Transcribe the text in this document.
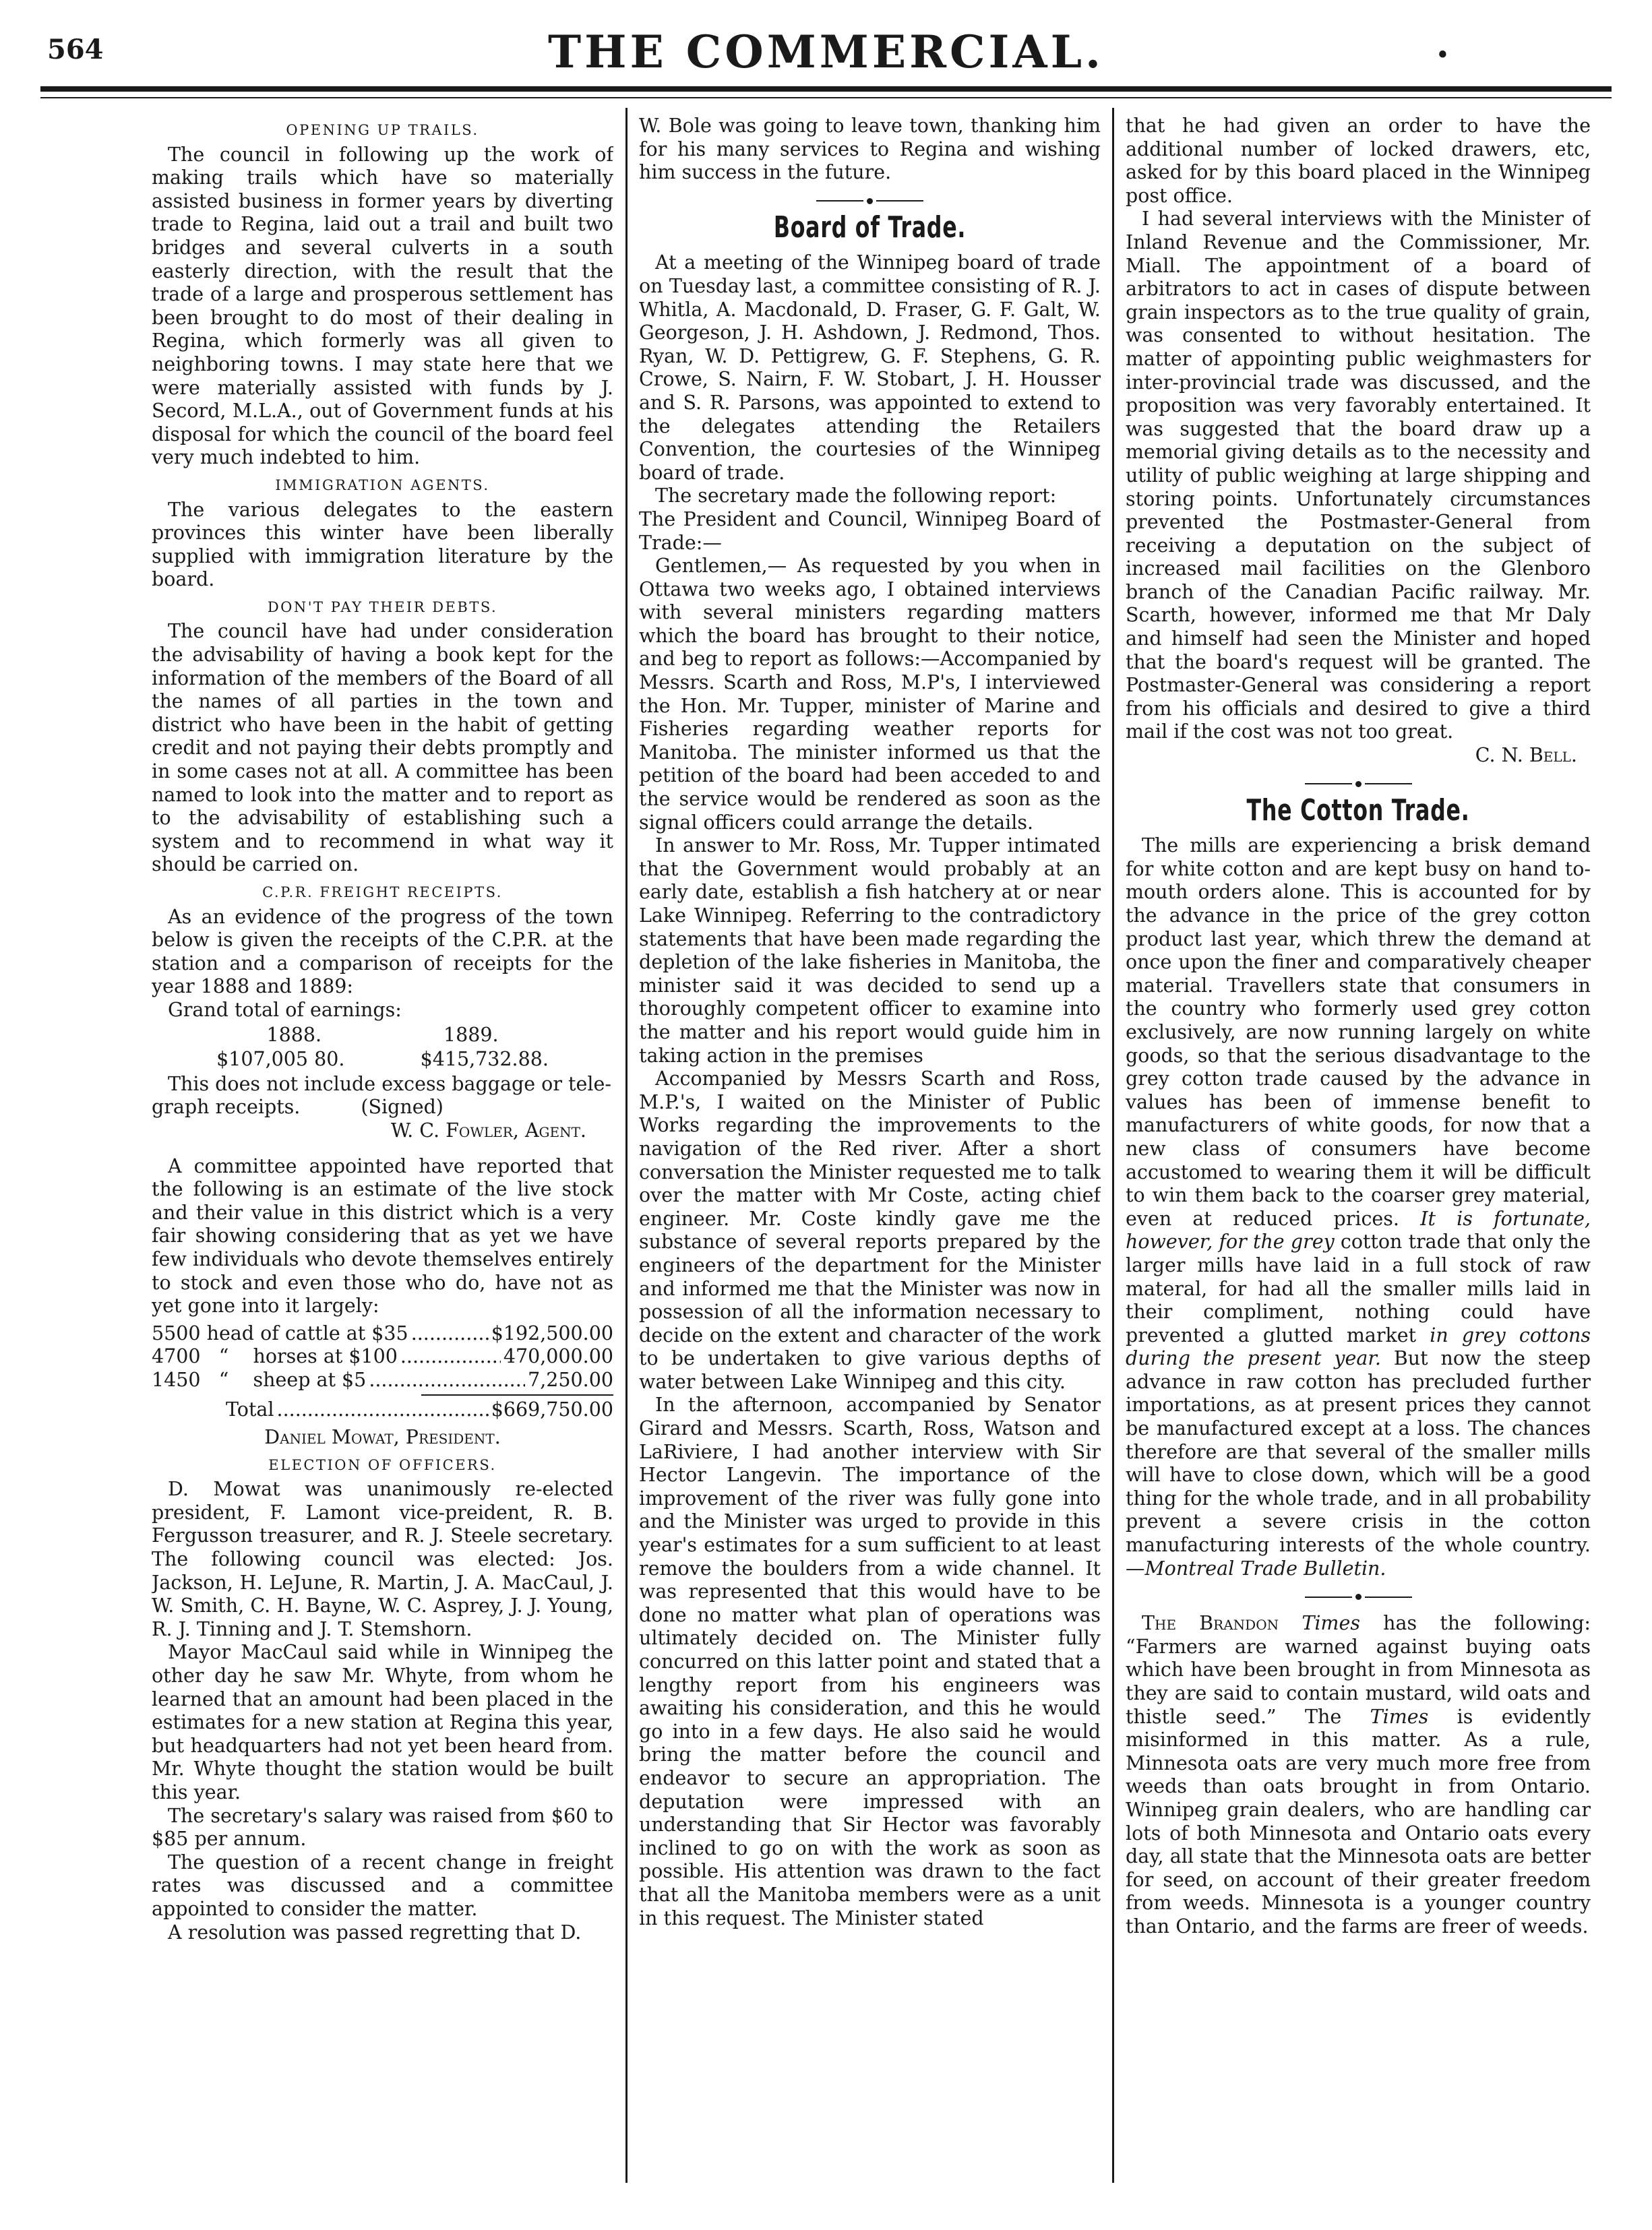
564	THE COMMERCIAL.	•
OPENING UP TRAILS.

The council in following up the work of making trails which have so materially assisted business in former years by diverting trade to Regina, laid out a trail and built two bridges and several culverts in a south easterly direction, with the result that the trade of a large and prosperous settlement has been brought to do most of their dealing in Regina, which formerly was all given to neighboring towns. I may state here that we were materially assisted with funds by J. Secord, M.L.A., out of Government funds at his disposal for which the council of the board feel very much indebted to him.

IMMIGRATION AGENTS.

The various delegates to the eastern provinces this winter have been liberally supplied with immigration literature by the board.

DON'T PAY THEIR DEBTS.

The council have had under consideration the advisability of having a book kept for the information of the members of the Board of all the names of all parties in the town and district who have been in the habit of getting credit and not paying their debts promptly and in some cases not at all. A committee has been named to look into the matter and to report as to the advisability of establishing such a system and to recommend in what way it should be carried on.

C.P.R. FREIGHT RECEIPTS.

As an evidence of the progress of the town below is given the receipts of the C.P.R. at the station and a comparison of receipts for the year 1888 and 1889:

Grand total of earnings:

1888.	1889.
$107,005 80.	$415,732.88.

This does not include excess baggage or tele-

graph receipts.	(Signed)
W. C. Fowler, Agent.

A committee appointed have reported that the following is an estimate of the live stock and their value in this district which is a very fair showing considering that as yet we have few individuals who devote themselves entirely to stock and even those who do, have not as yet gone into it largely:

5500 head of cattle at $35 .....	$192,500.00
4700   “    horses at $100 .....	470,000.00
1450   “    sheep at $5 .....	7,250.00
Total .....	$669,750.00
Daniel Mowat, President.
ELECTION OF OFFICERS.

D. Mowat was unanimously re-elected president, F. Lamont vice-preident, R. B. Fergusson treasurer, and R. J. Steele secretary. The following council was elected: Jos. Jackson, H. LeJune, R. Martin, J. A. MacCaul, J. W. Smith, C. H. Bayne, W. C. Asprey, J. J. Young, R. J. Tinning and J. T. Stemshorn.

Mayor MacCaul said while in Winnipeg the other day he saw Mr. Whyte, from whom he learned that an amount had been placed in the estimates for a new station at Regina this year, but headquarters had not yet been heard from. Mr. Whyte thought the station would be built this year.

The secretary's salary was raised from $60 to $85 per annum.

The question of a recent change in freight rates was discussed and a committee appointed to consider the matter.

A resolution was passed regretting that D.

W. Bole was going to leave town, thanking him for his many services to Regina and wishing him success in the future.

Board of Trade.

At a meeting of the Winnipeg board of trade on Tuesday last, a committee consisting of R. J. Whitla, A. Macdonald, D. Fraser, G. F. Galt, W. Georgeson, J. H. Ashdown, J. Redmond, Thos. Ryan, W. D. Pettigrew, G. F. Stephens, G. R. Crowe, S. Nairn, F. W. Stobart, J. H. Housser and S. R. Parsons, was appointed to extend to the delegates attending the Retailers Convention, the courtesies of the Winnipeg board of trade.

The secretary made the following report:

The President and Council, Winnipeg Board of Trade:—

Gentlemen,— As requested by you when in Ottawa two weeks ago, I obtained interviews with several ministers regarding matters which the board has brought to their notice, and beg to report as follows:—Accompanied by Messrs. Scarth and Ross, M.P's, I interviewed the Hon. Mr. Tupper, minister of Marine and Fisheries regarding weather reports for Manitoba. The minister informed us that the petition of the board had been acceded to and the service would be rendered as soon as the signal officers could arrange the details.

In answer to Mr. Ross, Mr. Tupper intimated that the Government would probably at an early date, establish a fish hatchery at or near Lake Winnipeg. Referring to the contradictory statements that have been made regarding the depletion of the lake fisheries in Manitoba, the minister said it was decided to send up a thoroughly competent officer to examine into the matter and his report would guide him in taking action in the premises

Accompanied by Messrs Scarth and Ross, M.P.'s, I waited on the Minister of Public Works regarding the improvements to the navigation of the Red river. After a short conversation the Minister requested me to talk over the matter with Mr Coste, acting chief engineer. Mr. Coste kindly gave me the substance of several reports prepared by the engineers of the department for the Minister and informed me that the Minister was now in possession of all the information necessary to decide on the extent and character of the work to be undertaken to give various depths of water between Lake Winnipeg and this city.

In the afternoon, accompanied by Senator Girard and Messrs. Scarth, Ross, Watson and LaRiviere, I had another interview with Sir Hector Langevin. The importance of the improvement of the river was fully gone into and the Minister was urged to provide in this year's estimates for a sum sufficient to at least remove the boulders from a wide channel. It was represented that this would have to be done no matter what plan of operations was ultimately decided on. The Minister fully concurred on this latter point and stated that a lengthy report from his engineers was awaiting his consideration, and this he would go into in a few days. He also said he would bring the matter before the council and endeavor to secure an appropriation. The deputation were impressed with an understanding that Sir Hector was favorably inclined to go on with the work as soon as possible. His attention was drawn to the fact that all the Manitoba members were as a unit in this request. The Minister stated

that he had given an order to have the additional number of locked drawers, etc, asked for by this board placed in the Winnipeg post office.

I had several interviews with the Minister of Inland Revenue and the Commissioner, Mr. Miall. The appointment of a board of arbitrators to act in cases of dispute between grain inspectors as to the true quality of grain, was consented to without hesitation. The matter of appointing public weighmasters for inter-provincial trade was discussed, and the proposition was very favorably entertained. It was suggested that the board draw up a memorial giving details as to the necessity and utility of public weighing at large shipping and storing points. Unfortunately circumstances prevented the Postmaster-General from receiving a deputation on the subject of increased mail facilities on the Glenboro branch of the Canadian Pacific railway. Mr. Scarth, however, informed me that Mr Daly and himself had seen the Minister and hoped that the board's request will be granted. The Postmaster-General was considering a report from his officials and desired to give a third mail if the cost was not too great.

C. N. Bell.
The Cotton Trade.

The mills are experiencing a brisk demand for white cotton and are kept busy on hand to-mouth orders alone. This is accounted for by the advance in the price of the grey cotton product last year, which threw the demand at once upon the finer and comparatively cheaper material. Travellers state that consumers in the country who formerly used grey cotton exclusively, are now running largely on white goods, so that the serious disadvantage to the grey cotton trade caused by the advance in values has been of immense benefit to manufacturers of white goods, for now that a new class of consumers have become accustomed to wearing them it will be difficult to win them back to the coarser grey material, even at reduced prices. It is fortunate, however, for the grey cotton trade that only the larger mills have laid in a full stock of raw materal, for had all the smaller mills laid in their compliment, nothing could have prevented a glutted market in grey cottons during the present year. But now the steep advance in raw cotton has precluded further importations, as at present prices they cannot be manufactured except at a loss. The chances therefore are that several of the smaller mills will have to close down, which will be a good thing for the whole trade, and in all probability prevent a severe crisis in the cotton manufacturing interests of the whole country.—Montreal Trade Bulletin.

The Brandon Times has the following: “Farmers are warned against buying oats which have been brought in from Minnesota as they are said to contain mustard, wild oats and thistle seed.” The Times is evidently misinformed in this matter. As a rule, Minnesota oats are very much more free from weeds than oats brought in from Ontario. Winnipeg grain dealers, who are handling car lots of both Minnesota and Ontario oats every day, all state that the Minnesota oats are better for seed, on account of their greater freedom from weeds. Minnesota is a younger country than Ontario, and the farms are freer of weeds.
